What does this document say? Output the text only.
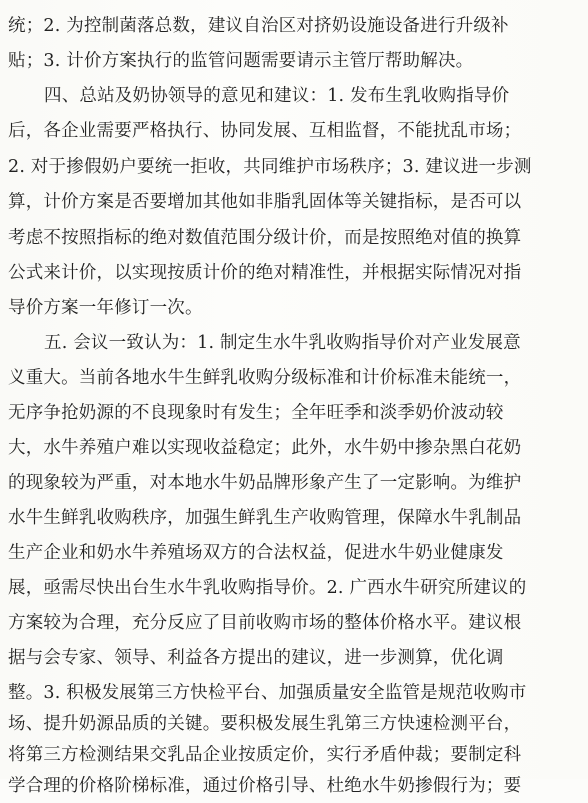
统；2. 为控制菌落总数，建议自治区对挤奶设施设备进行升级补
贴；3. 计价方案执行的监管问题需要请示主管厅帮助解决。
四、总站及奶协领导的意见和建议：1. 发布生乳收购指导价
后，各企业需要严格执行、协同发展、互相监督，不能扰乱市场；
2. 对于掺假奶户要统一拒收，共同维护市场秩序；3. 建议进一步测
算，计价方案是否要增加其他如非脂乳固体等关键指标，是否可以
考虑不按照指标的绝对数值范围分级计价，而是按照绝对值的换算
公式来计价，以实现按质计价的绝对精准性，并根据实际情况对指
导价方案一年修订一次。
五. 会议一致认为：1. 制定生水牛乳收购指导价对产业发展意
义重大。当前各地水牛生鲜乳收购分级标准和计价标准未能统一，
无序争抢奶源的不良现象时有发生；全年旺季和淡季奶价波动较
大，水牛养殖户难以实现收益稳定；此外，水牛奶中掺杂黑白花奶
的现象较为严重，对本地水牛奶品牌形象产生了一定影响。为维护
水牛生鲜乳收购秩序，加强生鲜乳生产收购管理，保障水牛乳制品
生产企业和奶水牛养殖场双方的合法权益，促进水牛奶业健康发
展，亟需尽快出台生水牛乳收购指导价。2. 广西水牛研究所建议的
方案较为合理，充分反应了目前收购市场的整体价格水平。建议根
据与会专家、领导、利益各方提出的建议，进一步测算，优化调
整。3. 积极发展第三方快检平台、加强质量安全监管是规范收购市
场、提升奶源品质的关键。要积极发展生乳第三方快速检测平台，
将第三方检测结果交乳品企业按质定价，实行矛盾仲裁；要制定科
学合理的价格阶梯标准，通过价格引导、杜绝水牛奶掺假行为；要
